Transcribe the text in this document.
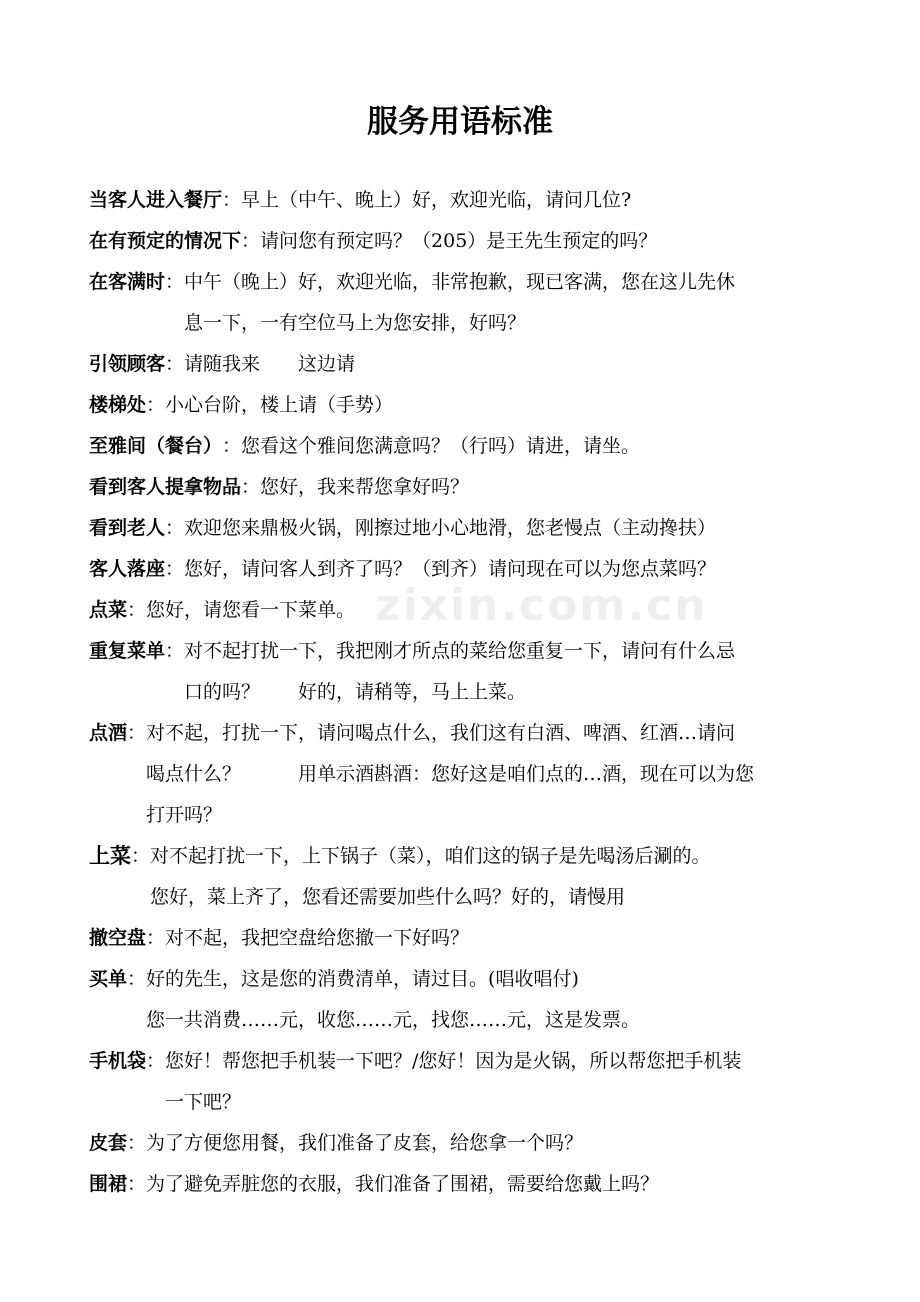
服务用语标准
当客人进入餐厅 ： 早上（中午、晚上）好，欢迎光临，请问几位?
在有预定的情况下 ： 请问您有预定吗？（205）是王先生预定的吗？
在客满时 ： 中午（晚上）好，欢迎光临，非常抱歉，现已客满，您在这儿先休
息一下，一有空位马上为您安排，好吗？
引领顾客 ： 请随我来　　这边请
楼梯处 ： 小心台阶，楼上请（手势）
至雅间（餐台） ： 您看这个雅间您满意吗？（行吗）请进，请坐。
看到客人提拿物品 ： 您好，我来帮您拿好吗？
看到老人 ： 欢迎您来鼎极火锅，刚擦过地小心地滑，您老慢点（主动搀扶）
客人落座 ： 您好，请问客人到齐了吗？（到齐）请问现在可以为您点菜吗？
点菜 ： 您好，请您看一下菜单。
重复菜单 ： 对不起打扰一下，我把刚才所点的菜给您重复一下，请问有什么忌
口的吗？　　好的，请稍等，马上上菜。
点酒 ： 对不起，打扰一下，请问喝点什么，我们这有白酒、啤酒、红酒…请问
喝点什么？　　　用单示酒斟酒：您好这是咱们点的…酒，现在可以为您
打开吗？
上菜 ： 对不起打扰一下，上下锅子（菜），咱们这的锅子是先喝汤后涮的。
您好，菜上齐了，您看还需要加些什么吗？好的，请慢用
撤空盘 ： 对不起，我把空盘给您撤一下好吗？
买单 ： 好的先生，这是您的消费清单，请过目。(唱收唱付)
您一共消费……元，收您……元，找您……元，这是发票。
手机袋 ： 您好！帮您把手机装一下吧？/您好！因为是火锅，所以帮您把手机装
一下吧？
皮套 ： 为了方便您用餐，我们准备了皮套，给您拿一个吗？
围裙 ： 为了避免弄脏您的衣服，我们准备了围裙，需要给您戴上吗？
zixin.com.cn
